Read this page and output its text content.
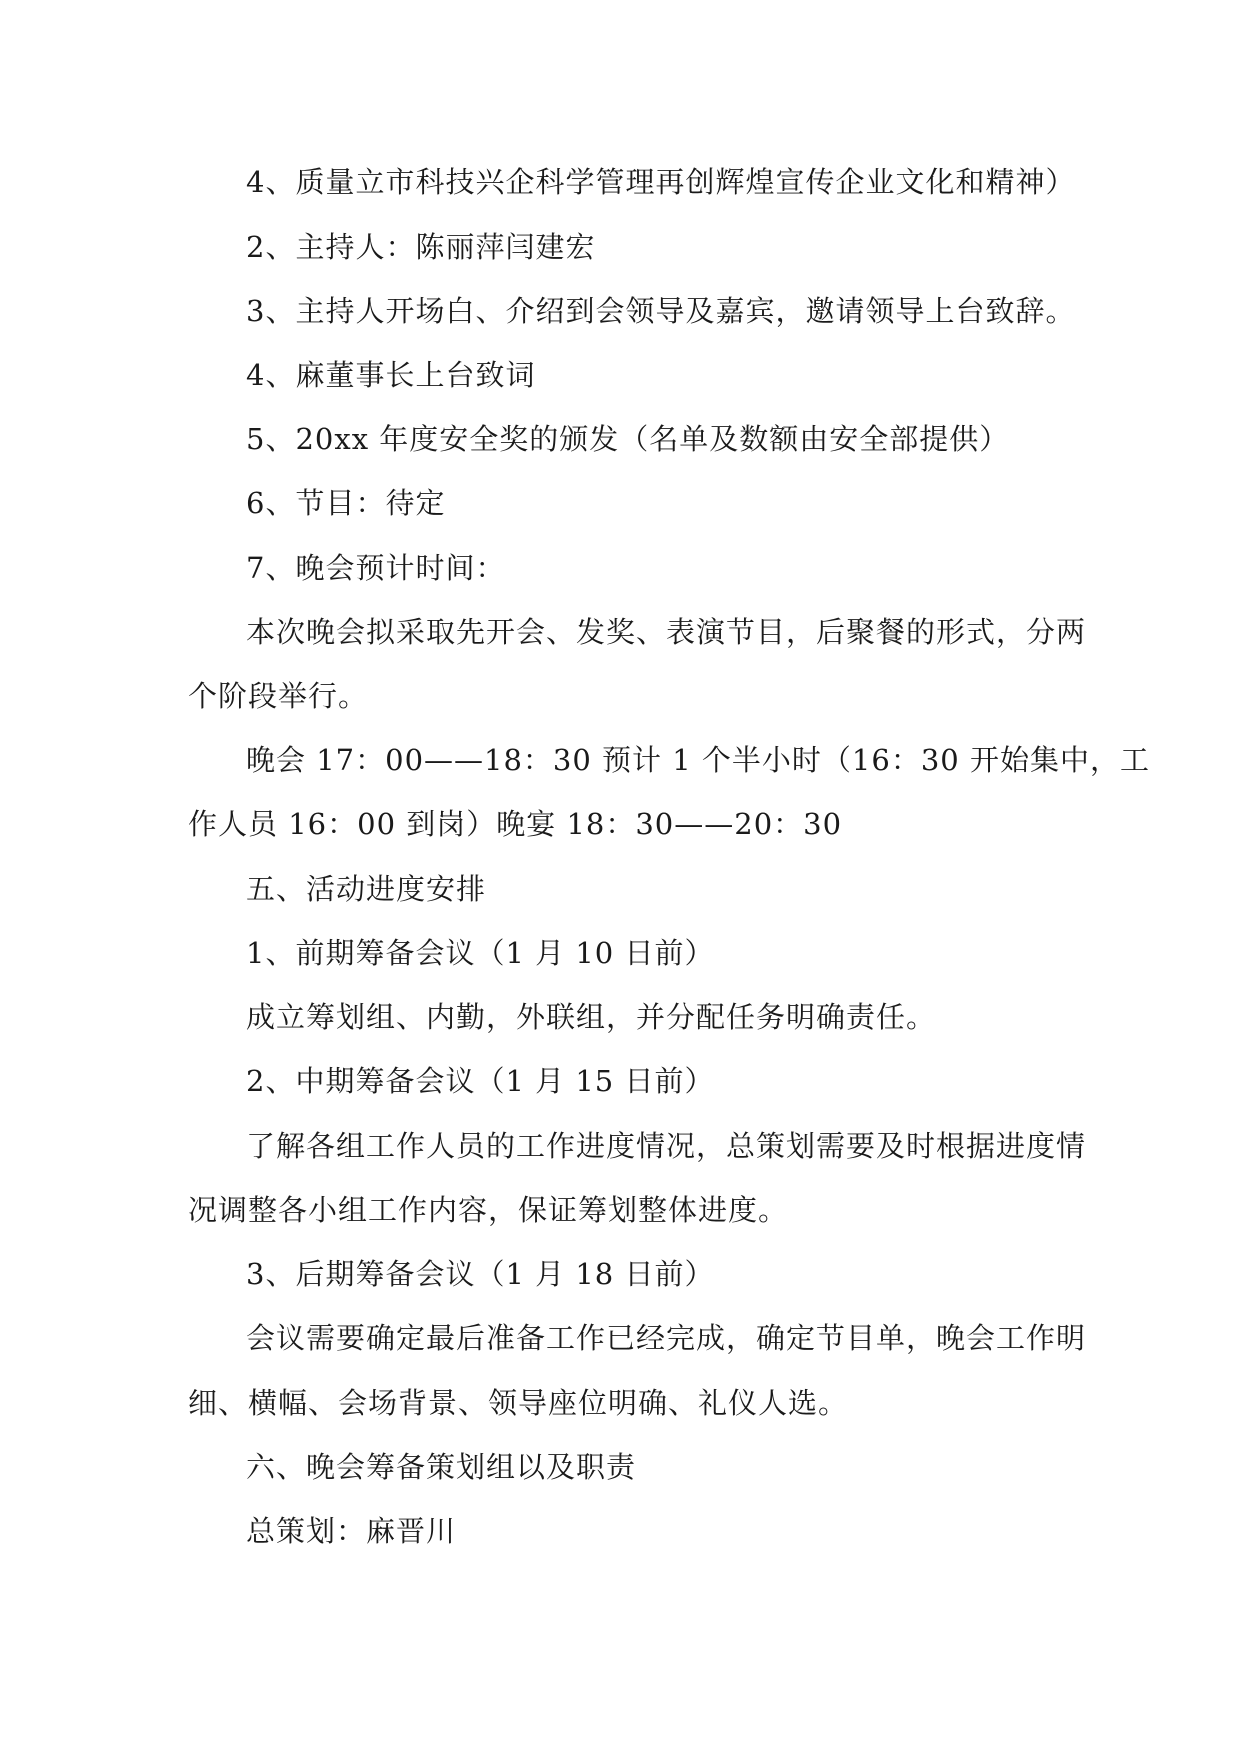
4、质量立市科技兴企科学管理再创辉煌宣传企业文化和精神）
2、主持人：陈丽萍闫建宏
3、主持人开场白、介绍到会领导及嘉宾，邀请领导上台致辞。
4、麻董事长上台致词
5、20xx 年度安全奖的颁发（名单及数额由安全部提供）
6、节目：待定
7、晚会预计时间：
本次晚会拟采取先开会、发奖、表演节目，后聚餐的形式，分两
个阶段举行。
晚会 17：00——18：30 预计 1 个半小时（16：30 开始集中，工
作人员 16：00 到岗）晚宴 18：30——20：30
五、活动进度安排
1、前期筹备会议（1 月 10 日前）
成立筹划组、内勤，外联组，并分配任务明确责任。
2、中期筹备会议（1 月 15 日前）
了解各组工作人员的工作进度情况，总策划需要及时根据进度情
况调整各小组工作内容，保证筹划整体进度。
3、后期筹备会议（1 月 18 日前）
会议需要确定最后准备工作已经完成，确定节目单，晚会工作明
细、横幅、会场背景、领导座位明确、礼仪人选。
六、晚会筹备策划组以及职责
总策划：麻晋川
